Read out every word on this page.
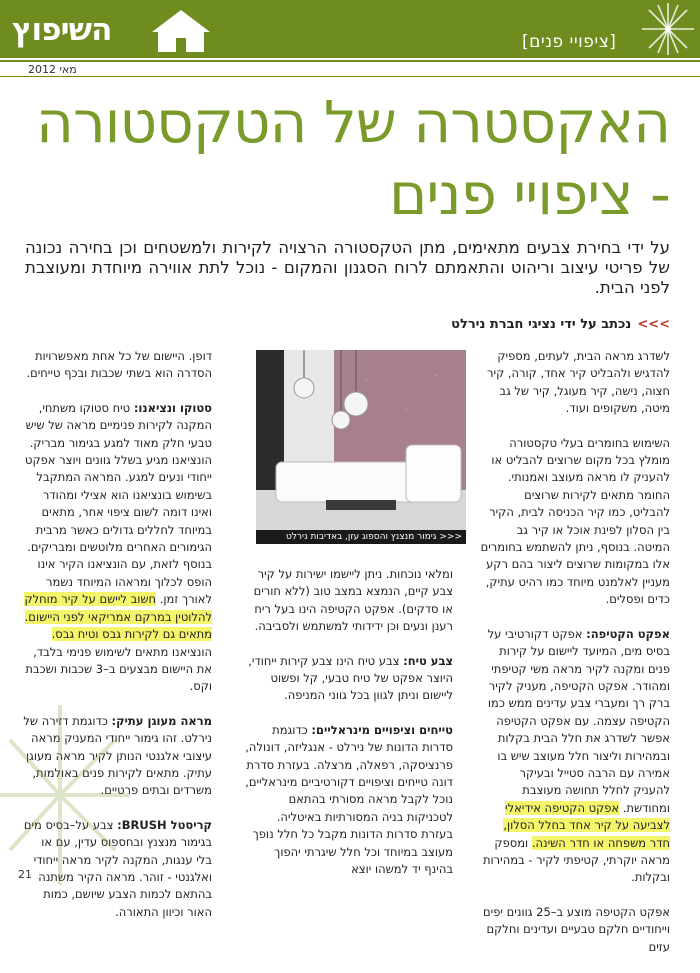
[ציפויי פנים]
השיפוץ
מאי 2012
האקסטרה של הטקסטורה
- ציפויי פנים
על ידי בחירת צבעים מתאימים, מתן הטקסטורה הרצויה לקירות ולמשטחים וכן בחירה נכונה של פריטי עיצוב וריהוט והתאמתם לרוח הסגנון והמקום - נוכל לתת אווירה מיוחדת ומעוצבת לפני הבית.
>>>נכתב על ידי נציגי חברת נירלט

לשדרג מראה הבית, לעתים, מספיק להדגיש ולהבליט קיר אחד, קורה, קיר חצוה, נישה, קיר מעוגל, קיר של גב מיטה, משקופים ועוד.

השימוש בחומרים בעלי טקסטורה מומלץ בכל מקום שרוצים להבליט או להעניק לו מראה מעוצב ואמנותי. החומר מתאים לקירות שרוצים להבליט, כמו קיר הכניסה לבית, הקיר בין הסלון לפינת אוכל או קיר גב המיטה. בנוסף, ניתן להשתמש בחומרים אלו במקומות שרוצים ליצור בהם רקע מעניין לאלמנט מיוחד כמו רהיט עתיק, כדים ופסלים.

אפקט הקטיפה: אפקט דקורטיבי על בסיס מים, המיועד ליישום על קירות פנים ומקנה לקיר מראה משי קטיפתי ומהודר. אפקט הקטיפה, מעניק לקיר ברק רך ומעברי צבע עדינים ממש כמו הקטיפה עצמה. עם אפקט הקטיפה אפשר לשדרג את חלל הבית בקלות ובמהירות וליצור חלל מעוצב שיש בו אמירה עם הרבה סטייל ובעיקר להעניק לחלל תחושה מעוצבת ומחודשת. אפקט הקטיפה אידיאלי לצביעה על קיר אחד בחלל הסלון, חדר משפחה או חדר השינה. ומספק מראה יוקרתי, קטיפתי לקיר - במהירות ובקלות.

אפקט הקטיפה מוצע ב–25 גוונים יפים וייחודיים חלקם טבעיים ועדינים וחלקם עזים

<<< גימור מנצנץ והספוג עזן, באדיבות נירלט

ומלאי נוכחות. ניתן ליישמו ישירות על קיר צבע קיים, הנמצא במצב טוב (ללא חורים או סדקים). אפקט הקטיפה הינו בעל ריח רענן ונעים וכן ידידותי למשתמש ולסביבה.

צבע טיח: צבע טיח הינו צבע קירות ייחודי, היוצר אפקט של טיח טבעי, קל ופשוט ליישום וניתן לגוון בכל גווני המניפה.

טייחים וציפויים מינראליים: כדוגמת סדרות הדונות של נירלט - אנגליזה, דונולה, פרנציסקה, רפאלה, מרצלה. בעזרת סדרת דונה טייחים וציפויים דקורטיביים מינראליים, נוכל לקבל מראה מסורתי בהתאם לטכניקות בניה המסורתיות באיטליה. בעזרת סדרות הדונות מקבל כל חלל נופך מעוצב במיוחד וכל חלל שיגרתי יהפוך בהינף יד למשהו יוצא

דופן. היישום של כל אחת מאפשרויות הסדרה הוא בשתי שכבות ובכף טייחים.

סטוקו ונציאנו: טיח סטוקו משתחי, המקנה לקירות פנימיים מראה של שיש טבעי חלק מאוד למגע בגימור מבריק. הונציאנו מגיע בשלל גוונים ויוצר אפקט ייחודי ונעים למגע. המראה המתקבל בשימוש בונציאנו הוא אצילי ומהודר ואינו דומה לשום ציפוי אחר, מתאים במיוחד לחללים גדולים כאשר מרבית הגימורים האחרים מלוטשים ומבריקים. בנוסף לזאת, עם הונציאנו הקיר אינו הופס לכלוך ומראהו המיוחד נשמר לאורך זמן. חשוב ליישם על קיר מוחלק להלוטין במרקם אמריקאי לפני היישום. מתאים גם לקירות גבס וטיח גבס. הונציאנו מתאים לשימוש פנימי בלבד, את היישום מבצעים ב–3 שכבות ושכבת וקס.

מראה מעוגן עתיק: כדוגמת דזירה של נירלט. זהו גימור ייחודי המעניק מראה עיצובי אלגנטי הנותן לקיר מראה מעוגן עתיק. מתאים לקירות פנים באולמות, משרדים ובתים פרטיים.

קריסטל BRUSH: צבע על–בסיס מים בגימור מנצנץ ובחספוס עדין, עם או בלי ענגות, המקנה לקיר מראה ייחודי ואלגנטי - זוהר. מראה הקיר משתנה בהתאם לכמות הצבע שיושם, כמות האור וכיוון התאורה.

21
